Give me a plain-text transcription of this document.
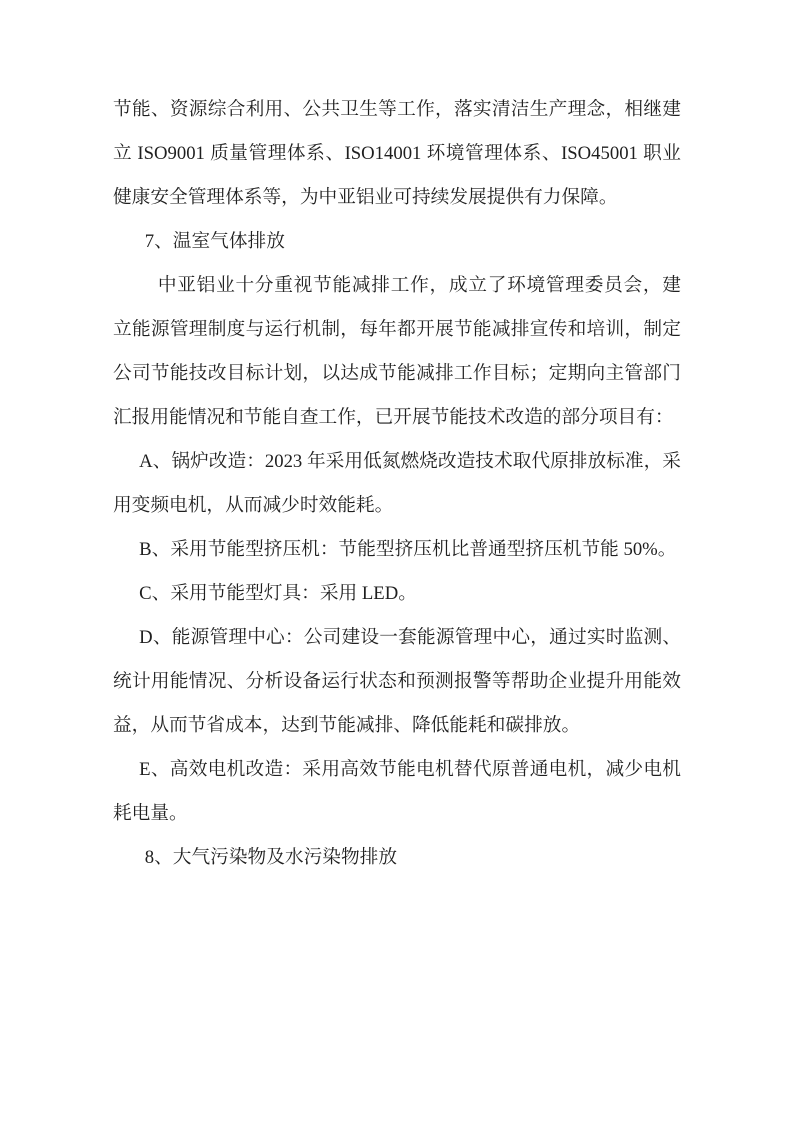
节能、资源综合利用、公共卫生等工作，落实清洁生产理念，相继建立 ISO9001 质量管理体系、ISO14001 环境管理体系、ISO45001 职业健康安全管理体系等，为中亚铝业可持续发展提供有力保障。

7、温室气体排放

中亚铝业十分重视节能减排工作，成立了环境管理委员会，建立能源管理制度与运行机制，每年都开展节能减排宣传和培训，制定公司节能技改目标计划，以达成节能减排工作目标；定期向主管部门汇报用能情况和节能自查工作，已开展节能技术改造的部分项目有：

A、锅炉改造：2023 年采用低氮燃烧改造技术取代原排放标准，采用变频电机，从而减少时效能耗。

B、采用节能型挤压机：节能型挤压机比普通型挤压机节能 50%。

C、采用节能型灯具：采用 LED。

D、能源管理中心：公司建设一套能源管理中心，通过实时监测、统计用能情况、分析设备运行状态和预测报警等帮助企业提升用能效益，从而节省成本，达到节能减排、降低能耗和碳排放。

E、高效电机改造：采用高效节能电机替代原普通电机，减少电机耗电量。

8、大气污染物及水污染物排放
